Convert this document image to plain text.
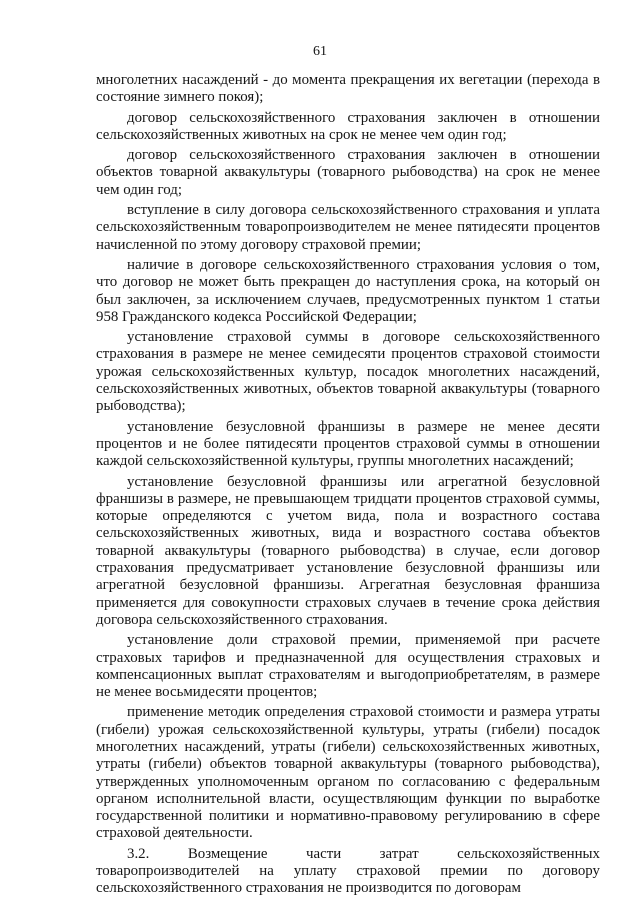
61

многолетних насаждений - до момента прекращения их вегетации (перехода в состояние зимнего покоя);

договор сельскохозяйственного страхования заключен в отношении сельскохозяйственных животных на срок не менее чем один год;

договор сельскохозяйственного страхования заключен в отношении объектов товарной аквакультуры (товарного рыбоводства) на срок не менее чем один год;

вступление в силу договора сельскохозяйственного страхования и уплата сельскохозяйственным товаропроизводителем не менее пятидесяти процентов начисленной по этому договору страховой премии;

наличие в договоре сельскохозяйственного страхования условия о том, что договор не может быть прекращен до наступления срока, на который он был заключен, за исключением случаев, предусмотренных пунктом 1 статьи 958 Гражданского кодекса Российской Федерации;

установление страховой суммы в договоре сельскохозяйственного страхования в размере не менее семидесяти процентов страховой стоимости урожая сельскохозяйственных культур, посадок многолетних насаждений, сельскохозяйственных животных, объектов товарной аквакультуры (товарного рыбоводства);

установление безусловной франшизы в размере не менее десяти процентов и не более пятидесяти процентов страховой суммы в отношении каждой сельскохозяйственной культуры, группы многолетних насаждений;

установление безусловной франшизы или агрегатной безусловной франшизы в размере, не превышающем тридцати процентов страховой суммы, которые определяются с учетом вида, пола и возрастного состава сельскохозяйственных животных, вида и возрастного состава объектов товарной аквакультуры (товарного рыбоводства) в случае, если договор страхования предусматривает установление безусловной франшизы или агрегатной безусловной франшизы. Агрегатная безусловная франшиза применяется для совокупности страховых случаев в течение срока действия договора сельскохозяйственного страхования.

установление доли страховой премии, применяемой при расчете страховых тарифов и предназначенной для осуществления страховых и компенсационных выплат страхователям и выгодоприобретателям, в размере не менее восьмидесяти процентов;

применение методик определения страховой стоимости и размера утраты (гибели) урожая сельскохозяйственной культуры, утраты (гибели) посадок многолетних насаждений, утраты (гибели) сельскохозяйственных животных, утраты (гибели) объектов товарной аквакультуры (товарного рыбоводства), утвержденных уполномоченным органом по согласованию с федеральным органом исполнительной власти, осуществляющим функции по выработке государственной политики и нормативно-правовому регулированию в сфере страховой деятельности.

3.2. Возмещение части затрат сельскохозяйственных товаропроизводителей на уплату страховой премии по договору сельскохозяйственного страхования не производится по договорам
